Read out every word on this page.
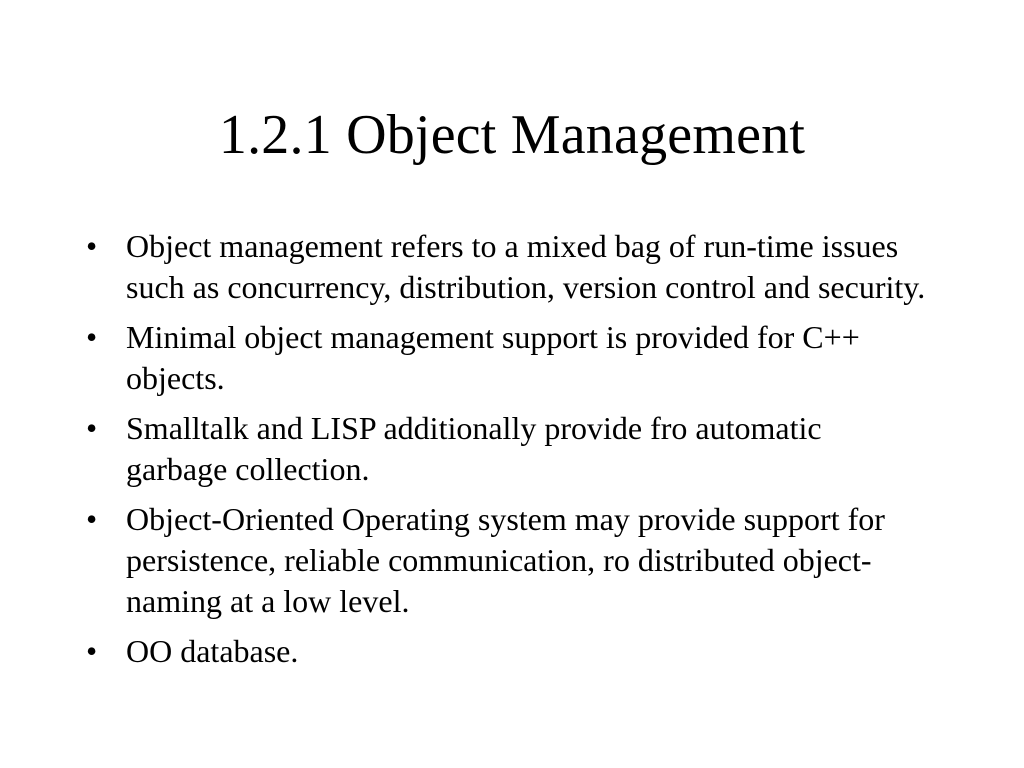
1.2.1 Object Management
• Object management refers to a mixed bag of run-time issues such as concurrency, distribution, version control and security.
• Minimal object management support is provided for C++ objects.
• Smalltalk and LISP additionally provide fro automatic garbage collection.
• Object-Oriented Operating system may provide support for persistence, reliable communication, ro distributed object-naming at a low level.
• OO database.
